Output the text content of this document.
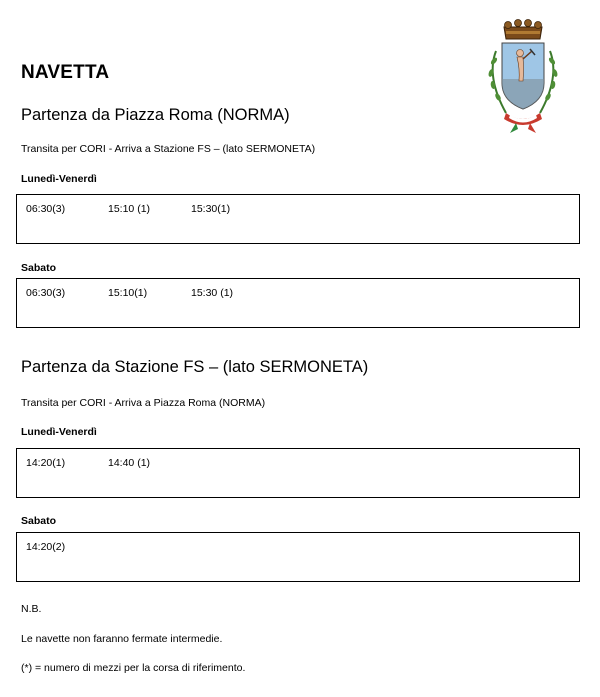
NAVETTA
Partenza da Piazza Roma (NORMA)
Transita per CORI - Arriva a Stazione FS – (lato SERMONETA)
Lunedì-Venerdì
06:30(3)	15:10 (1)	15:30(1)
Sabato
06:30(3)	15:10(1)	15:30 (1)
Partenza da Stazione FS – (lato SERMONETA)
Transita per CORI - Arriva a Piazza Roma (NORMA)
Lunedì-Venerdì
14:20(1)	14:40 (1)
Sabato
14:20(2)
N.B.
Le navette non faranno fermate intermedie.
(*) = numero di mezzi per la corsa di riferimento.
